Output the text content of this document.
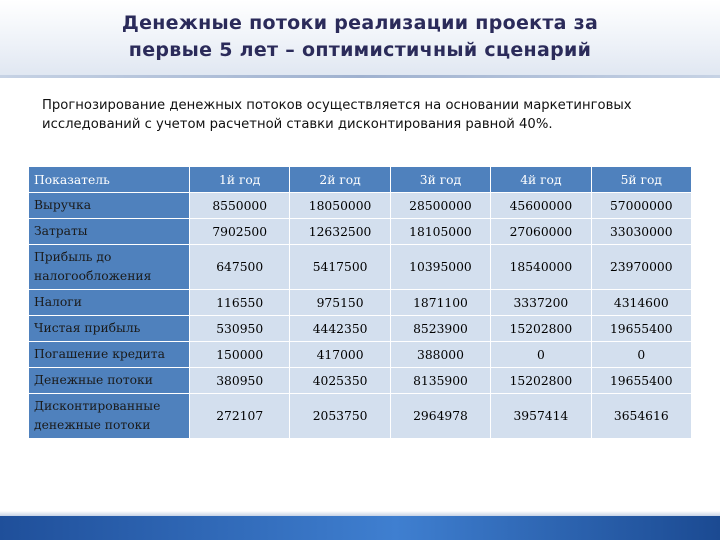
Денежные потоки реализации проекта за
первые 5 лет – оптимистичный сценарий
Прогнозирование денежных потоков осуществляется на основании маркетинговых
исследований с учетом расчетной ставки дисконтирования равной 40%.
Показатель	1й год	2й год	3й год	4й год	5й год
Выручка	8550000	18050000	28500000	45600000	57000000
Затраты	7902500	12632500	18105000	27060000	33030000

Прибыль до
налогообложения	647500	5417500	10395000	18540000	23970000
Налоги	116550	975150	1871100	3337200	4314600
Чистая прибыль	530950	4442350	8523900	15202800	19655400
Погашение кредита	150000	417000	388000	0	0
Денежные потоки	380950	4025350	8135900	15202800	19655400

Дисконтированные
денежные потоки	272107	2053750	2964978	3957414	3654616
